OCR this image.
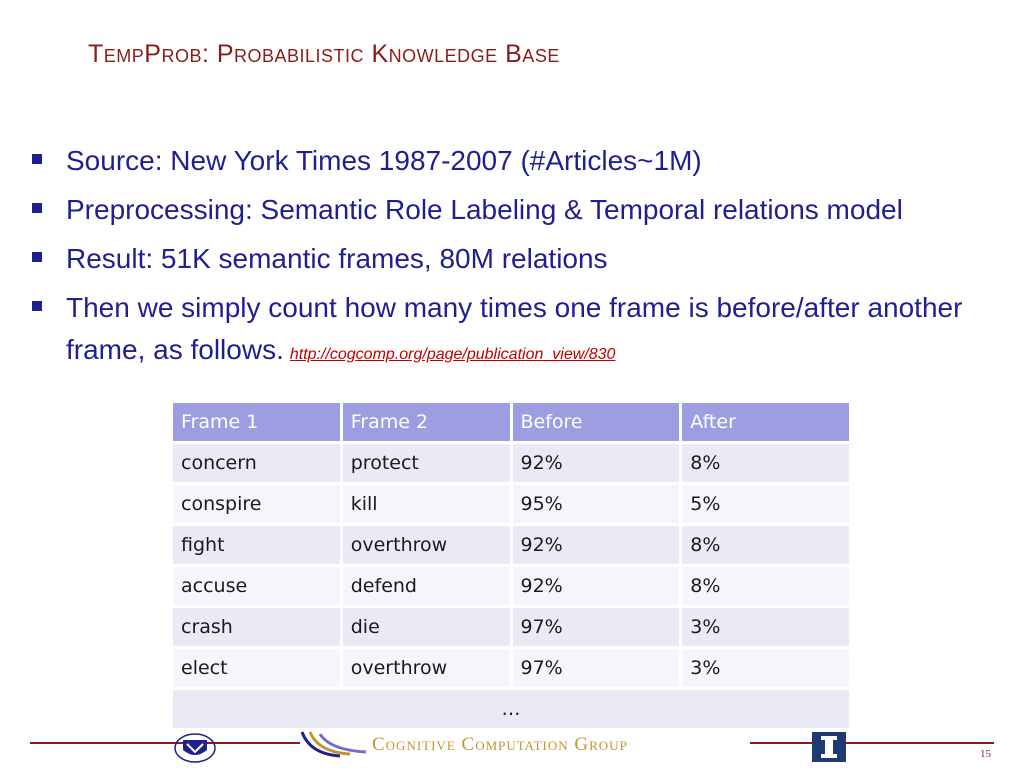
TempProb: Probabilistic Knowledge Base
Source: New York Times 1987-2007 (#Articles~1M)
Preprocessing: Semantic Role Labeling & Temporal relations model
Result: 51K semantic frames, 80M relations
Then we simply count how many times one frame is before/after another frame, as follows. http://cogcomp.org/page/publication_view/830
Frame 1	Frame 2	Before	After
concern	protect	92%	8%
conspire	kill	95%	5%
fight	overthrow	92%	8%
accuse	defend	92%	8%
crash	die	97%	3%
elect	overthrow	97%	3%
…			
Cognitive Computation Group	15
